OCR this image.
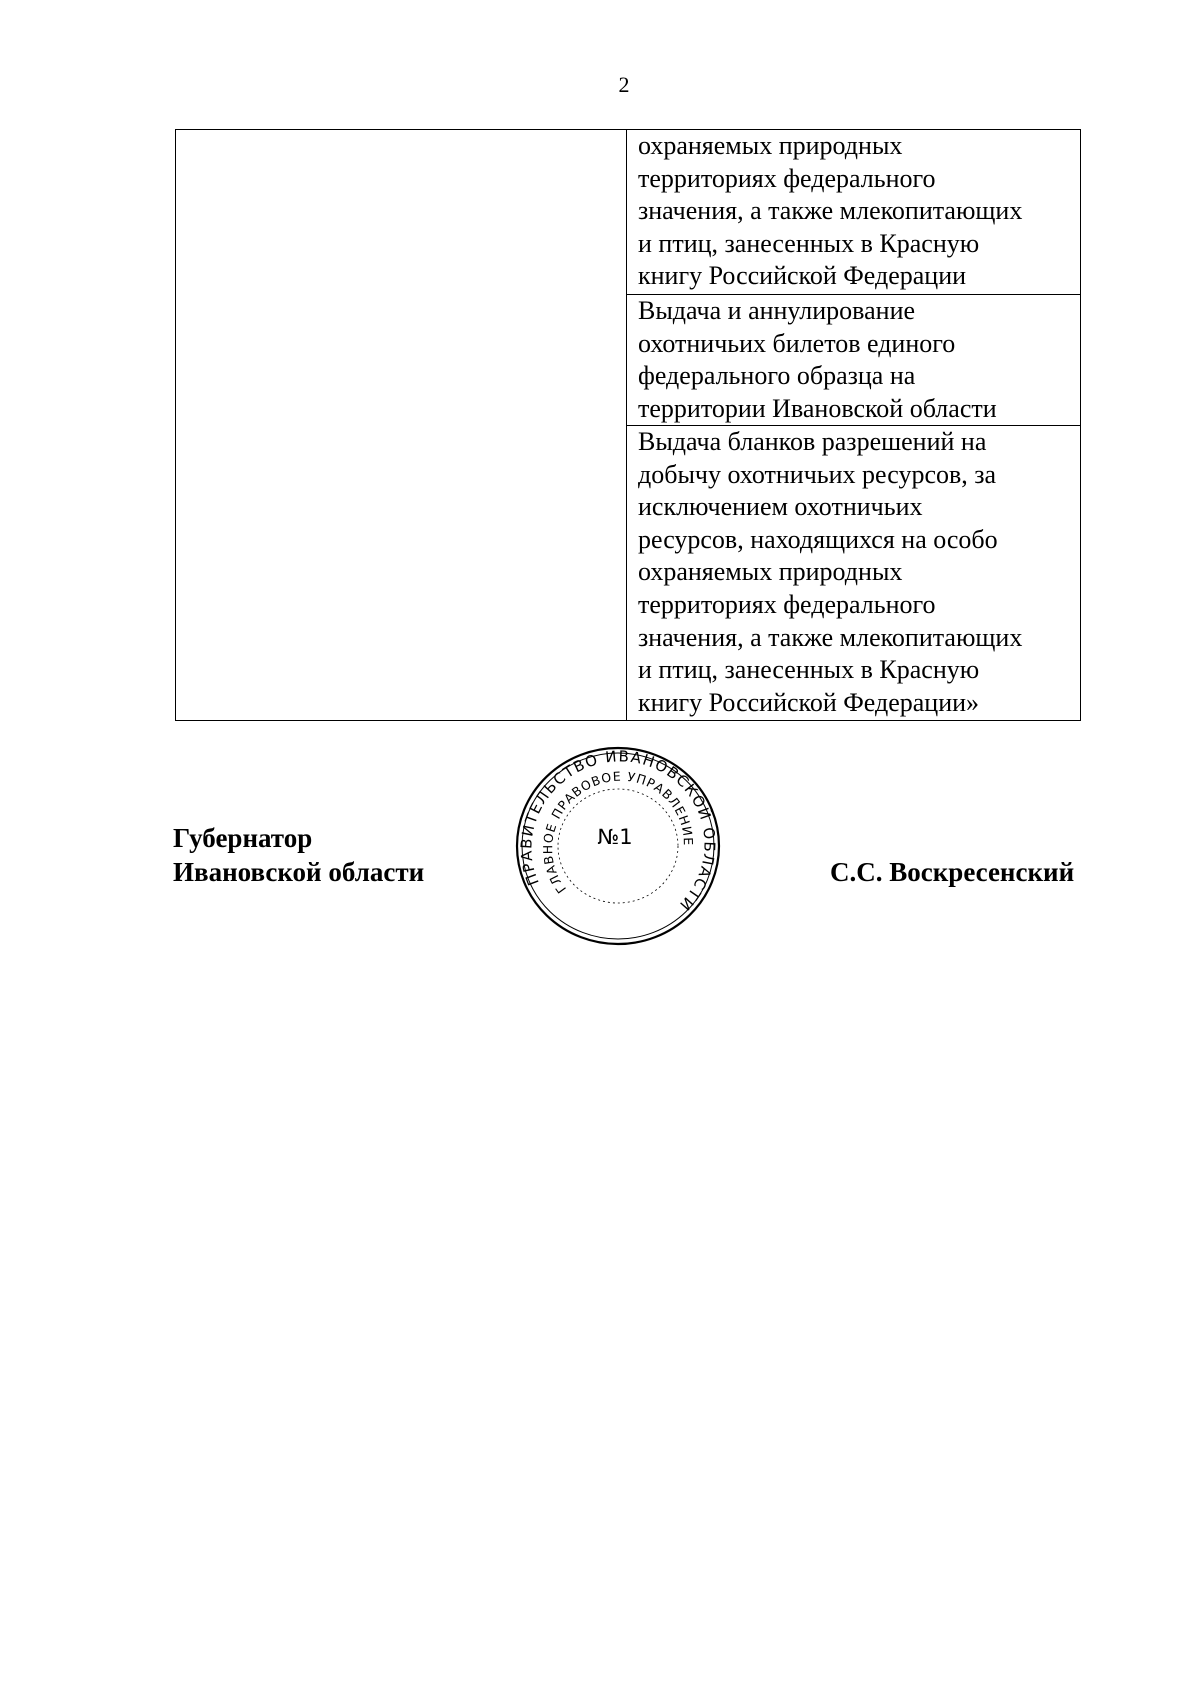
2
охраняемых природных
территориях федерального
значения, а также млекопитающих
и птиц, занесенных в Красную
книгу Российской Федерации
Выдача и аннулирование
охотничьих билетов единого
федерального образца на
территории Ивановской области
Выдача бланков разрешений на
добычу охотничьих ресурсов, за
исключением охотничьих
ресурсов, находящихся на особо
охраняемых природных
территориях федерального
значения, а также млекопитающих
и птиц, занесенных в Красную
книгу Российской Федерации»
Губернатор
Ивановской области	С.С. Воскресенский
ПРАВИТЕЛЬСТВО ИВАНОВСКОЙ ОБЛАСТИ
ГЛАВНОЕ ПРАВОВОЕ УПРАВЛЕНИЕ
№1
